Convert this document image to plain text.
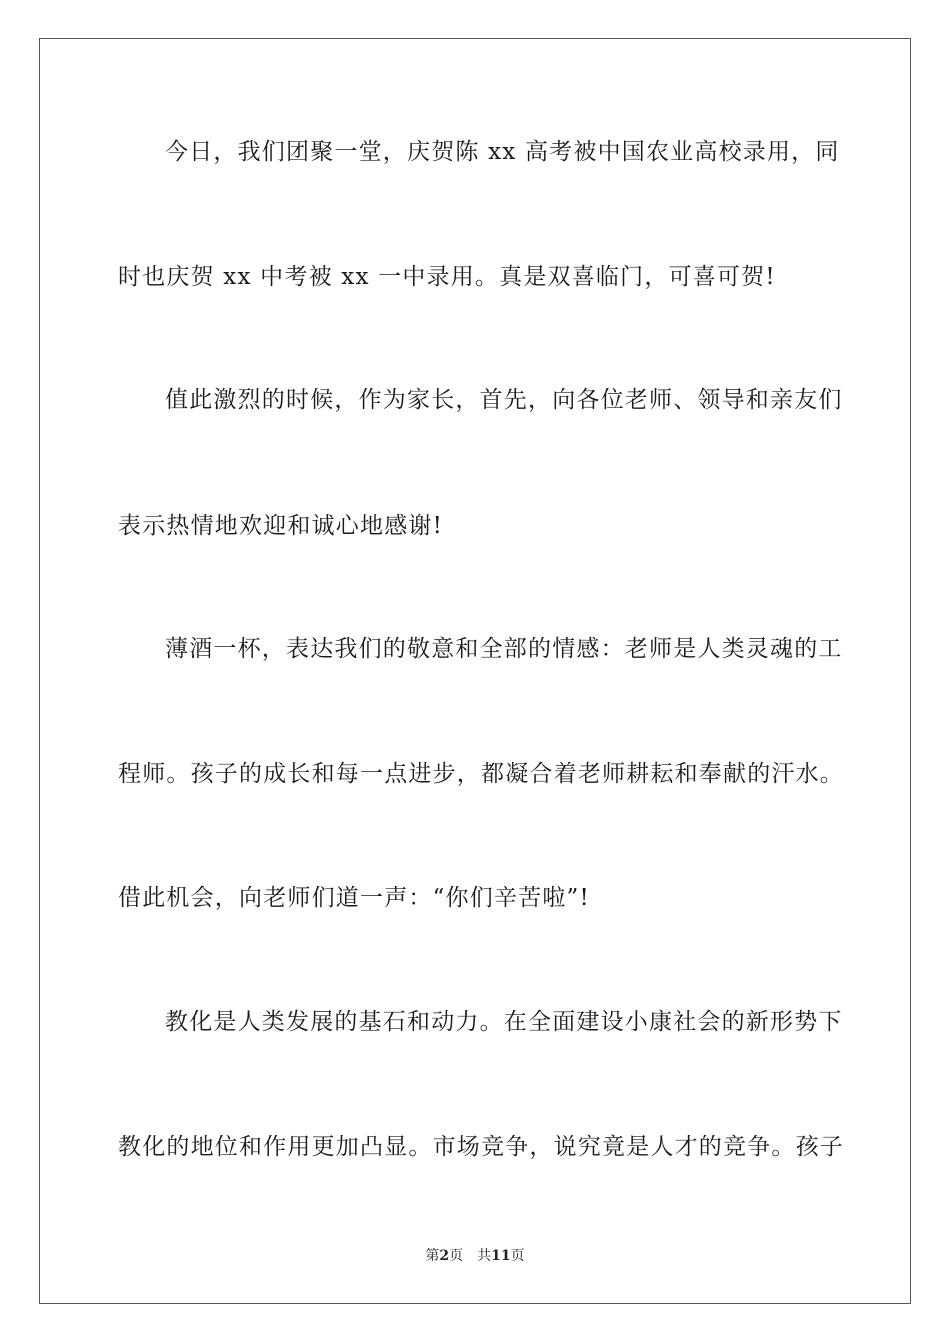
今日，我们团聚一堂，庆贺陈 xx 高考被中国农业高校录用，同
时也庆贺 xx 中考被 xx 一中录用。真是双喜临门，可喜可贺!
值此激烈的时候，作为家长，首先，向各位老师、领导和亲友们
表示热情地欢迎和诚心地感谢!
薄酒一杯，表达我们的敬意和全部的情感：老师是人类灵魂的工
程师。孩子的成长和每一点进步，都凝合着老师耕耘和奉献的汗水。
借此机会，向老师们道一声：“你们辛苦啦”!
教化是人类发展的基石和动力。在全面建设小康社会的新形势下
教化的地位和作用更加凸显。市场竞争，说究竟是人才的竞争。孩子
第2页 共11页
